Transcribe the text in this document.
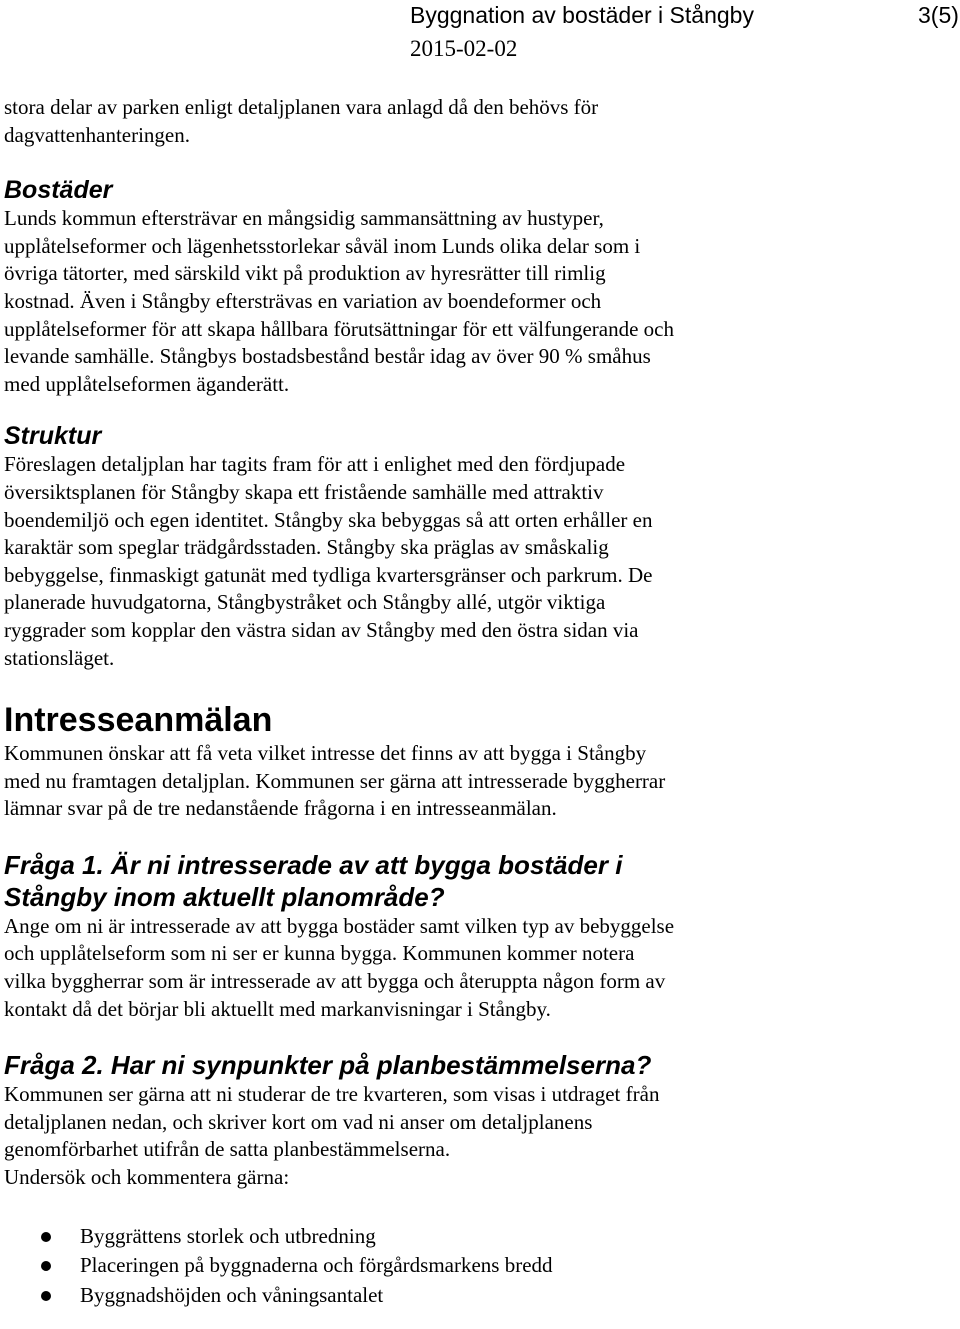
Byggnation av bostäder i Stångby	3(5)
2015-02-02

stora delar av parken enligt detaljplanen vara anlagd då den behövs för
dagvattenhanteringen.

Bostäder

Lunds kommun eftersträvar en mångsidig sammansättning av hustyper,
upplåtelseformer och lägenhetsstorlekar såväl inom Lunds olika delar som i
övriga tätorter, med särskild vikt på produktion av hyresrätter till rimlig
kostnad. Även i Stångby eftersträvas en variation av boendeformer och
upplåtelseformer för att skapa hållbara förutsättningar för ett välfungerande och
levande samhälle. Stångbys bostadsbestånd består idag av över 90 % småhus
med upplåtelseformen äganderätt.

Struktur

Föreslagen detaljplan har tagits fram för att i enlighet med den fördjupade
översiktsplanen för Stångby skapa ett fristående samhälle med attraktiv
boendemiljö och egen identitet. Stångby ska bebyggas så att orten erhåller en
karaktär som speglar trädgårdsstaden. Stångby ska präglas av småskalig
bebyggelse, finmaskigt gatunät med tydliga kvartersgränser och parkrum. De
planerade huvudgatorna, Stångbystråket och Stångby allé, utgör viktiga
ryggrader som kopplar den västra sidan av Stångby med den östra sidan via
stationsläget.

Intresseanmälan

Kommunen önskar att få veta vilket intresse det finns av att bygga i Stångby
med nu framtagen detaljplan. Kommunen ser gärna att intresserade byggherrar
lämnar svar på de tre nedanstående frågorna i en intresseanmälan.

Fråga 1. Är ni intresserade av att bygga bostäder i
Stångby inom aktuellt planområde?

Ange om ni är intresserade av att bygga bostäder samt vilken typ av bebyggelse
och upplåtelseform som ni ser er kunna bygga. Kommunen kommer notera
vilka byggherrar som är intresserade av att bygga och återuppta någon form av
kontakt då det börjar bli aktuellt med markanvisningar i Stångby.

Fråga 2. Har ni synpunkter på planbestämmelserna?

Kommunen ser gärna att ni studerar de tre kvarteren, som visas i utdraget från
detaljplanen nedan, och skriver kort om vad ni anser om detaljplanens
genomförbarhet utifrån de satta planbestämmelserna.
Undersök och kommentera gärna:

Byggrättens storlek och utbredning
Placeringen på byggnaderna och förgårdsmarkens bredd
Byggnadshöjden och våningsantalet
